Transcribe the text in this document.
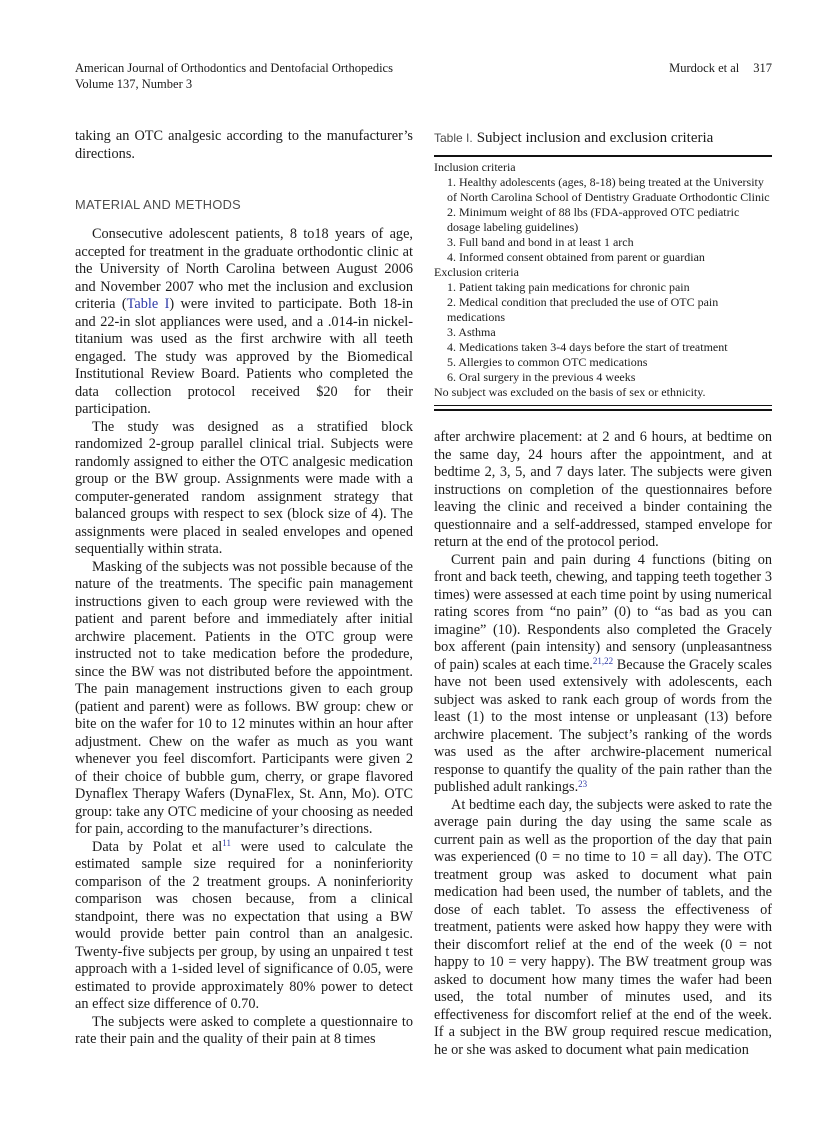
American Journal of Orthodontics and Dentofacial Orthopedics
Volume 137, Number 3
Murdock et al 317

taking an OTC analgesic according to the manufacturer’s directions.

MATERIAL AND METHODS

Consecutive adolescent patients, 8 to18 years of age, accepted for treatment in the graduate orthodontic clinic at the University of North Carolina between August 2006 and November 2007 who met the inclusion and exclusion criteria (Table I) were invited to participate. Both 18-in and 22-in slot appliances were used, and a .014-in nickel-titanium was used as the first archwire with all teeth engaged. The study was approved by the Biomedical Institutional Review Board. Patients who completed the data collection protocol received $20 for their participation.

The study was designed as a stratified block randomized 2-group parallel clinical trial. Subjects were randomly assigned to either the OTC analgesic medication group or the BW group. Assignments were made with a computer-generated random assignment strategy that balanced groups with respect to sex (block size of 4). The assignments were placed in sealed envelopes and opened sequentially within strata.

Masking of the subjects was not possible because of the nature of the treatments. The specific pain management instructions given to each group were reviewed with the patient and parent before and immediately after initial archwire placement. Patients in the OTC group were instructed not to take medication before the prodedure, since the BW was not distributed before the appointment. The pain management instructions given to each group (patient and parent) were as follows. BW group: chew or bite on the wafer for 10 to 12 minutes within an hour after adjustment. Chew on the wafer as much as you want whenever you feel discomfort. Participants were given 2 of their choice of bubble gum, cherry, or grape flavored Dynaflex Therapy Wafers (DynaFlex, St. Ann, Mo). OTC group: take any OTC medicine of your choosing as needed for pain, according to the manufacturer’s directions.

Data by Polat et $al^{11}$ were used to calculate the estimated sample size required for a noninferiority comparison of the 2 treatment groups. A noninferiority comparison was chosen because, from a clinical standpoint, there was no expectation that using a BW would provide better pain control than an analgesic. Twenty-five subjects per group, by using an unpaired t test approach with a 1-sided level of significance of 0.05, were estimated to provide approximately 80% power to detect an effect size difference of 0.70.

The subjects were asked to complete a questionnaire to rate their pain and the quality of their pain at 8 times

Table I. Subject inclusion and exclusion criteria

Inclusion criteria
1. Healthy adolescents (ages, 8-18) being treated at the University of North Carolina School of Dentistry Graduate Orthodontic Clinic
2. Minimum weight of 88 lbs (FDA-approved OTC pediatric dosage labeling guidelines)
3. Full band and bond in at least 1 arch
4. Informed consent obtained from parent or guardian
Exclusion criteria
1. Patient taking pain medications for chronic pain
2. Medical condition that precluded the use of OTC pain medications
3. Asthma
4. Medications taken 3-4 days before the start of treatment
5. Allergies to common OTC medications
6. Oral surgery in the previous 4 weeks
No subject was excluded on the basis of sex or ethnicity.

after archwire placement: at 2 and 6 hours, at bedtime on the same day, 24 hours after the appointment, and at bedtime 2, 3, 5, and 7 days later. The subjects were given instructions on completion of the questionnaires before leaving the clinic and received a binder containing the questionnaire and a self-addressed, stamped envelope for return at the end of the protocol period.

Current pain and pain during 4 functions (biting on front and back teeth, chewing, and tapping teeth together 3 times) were assessed at each time point by using numerical rating scores from “no pain” (0) to “as bad as you can imagine” (10). Respondents also completed the Gracely box afferent (pain intensity) and sensory (unpleasantness of pain) scales at each time.$^{21,22}$ Because the Gracely scales have not been used extensively with adolescents, each subject was asked to rank each group of words from the least (1) to the most intense or unpleasant (13) before archwire placement. The subject’s ranking of the words was used as the after archwire-placement numerical response to quantify the quality of the pain rather than the published adult rankings.$^{23}$

At bedtime each day, the subjects were asked to rate the average pain during the day using the same scale as current pain as well as the proportion of the day that pain was experienced (0 = no time to 10 = all day). The OTC treatment group was asked to document what pain medication had been used, the number of tablets, and the dose of each tablet. To assess the effectiveness of treatment, patients were asked how happy they were with their discomfort relief at the end of the week (0 = not happy to 10 = very happy). The BW treatment group was asked to document how many times the wafer had been used, the total number of minutes used, and its effectiveness for discomfort relief at the end of the week. If a subject in the BW group required rescue medication, he or she was asked to document what pain medication
